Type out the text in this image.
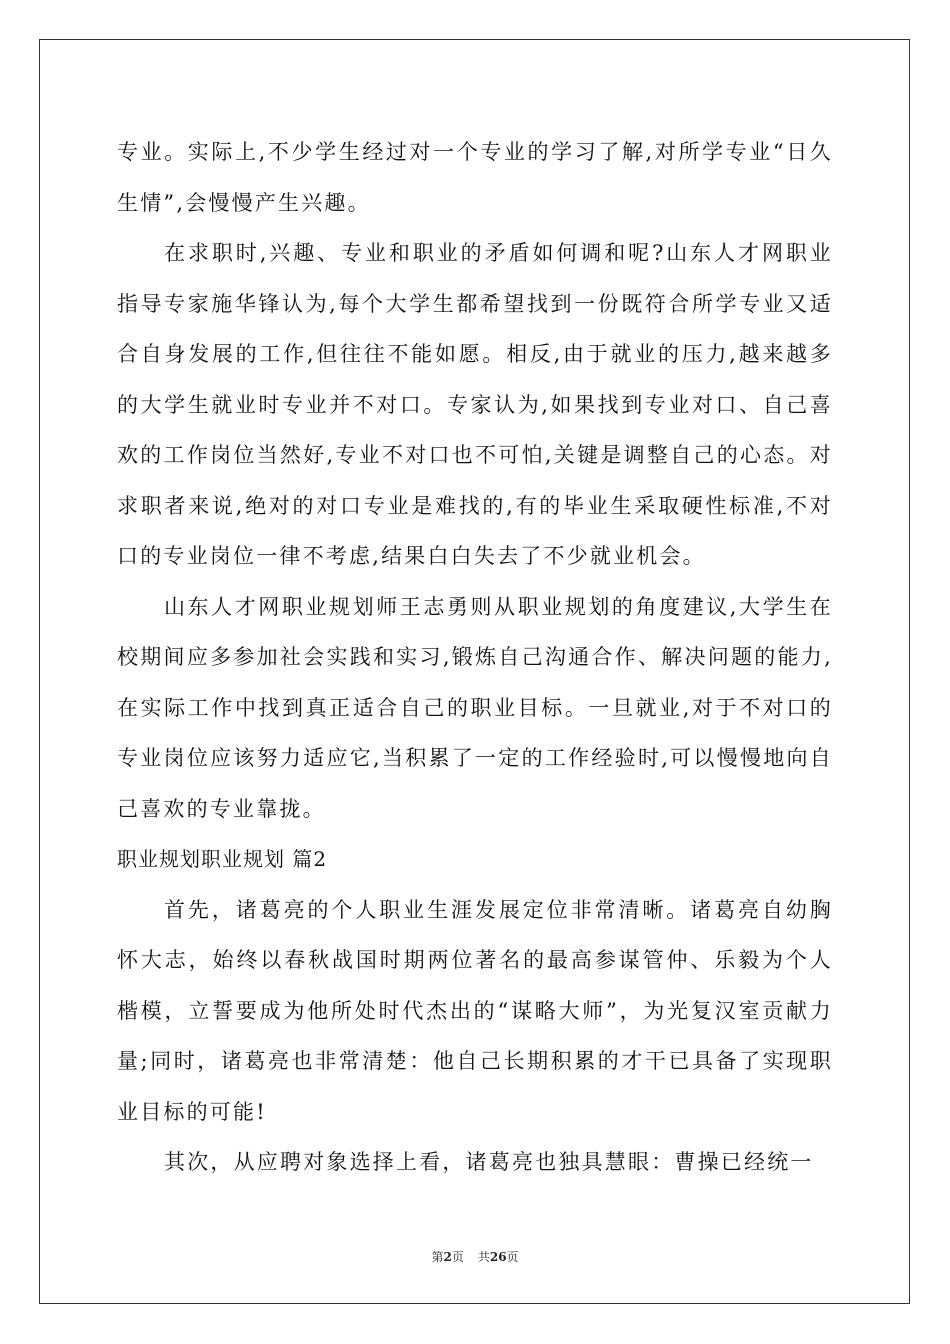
专业。实际上,不少学生经过对一个专业的学习了解,对所学专业“日久生情”,会慢慢产生兴趣。

在求职时,兴趣、专业和职业的矛盾如何调和呢?山东人才网职业指导专家施华锋认为,每个大学生都希望找到一份既符合所学专业又适合自身发展的工作,但往往不能如愿。相反,由于就业的压力,越来越多的大学生就业时专业并不对口。专家认为,如果找到专业对口、自己喜欢的工作岗位当然好,专业不对口也不可怕,关键是调整自己的心态。对求职者来说,绝对的对口专业是难找的,有的毕业生采取硬性标准,不对口的专业岗位一律不考虑,结果白白失去了不少就业机会。

山东人才网职业规划师王志勇则从职业规划的角度建议,大学生在校期间应多参加社会实践和实习,锻炼自己沟通合作、解决问题的能力,在实际工作中找到真正适合自己的职业目标。一旦就业,对于不对口的专业岗位应该努力适应它,当积累了一定的工作经验时,可以慢慢地向自己喜欢的专业靠拢。

职业规划职业规划 篇2

首先，诸葛亮的个人职业生涯发展定位非常清晰。诸葛亮自幼胸怀大志，始终以春秋战国时期两位著名的最高参谋管仲、乐毅为个人楷模，立誓要成为他所处时代杰出的“谋略大师”，为光复汉室贡献力量;同时，诸葛亮也非常清楚：他自己长期积累的才干已具备了实现职业目标的可能!

其次，从应聘对象选择上看，诸葛亮也独具慧眼：曹操已经统一

第2页 共26页
